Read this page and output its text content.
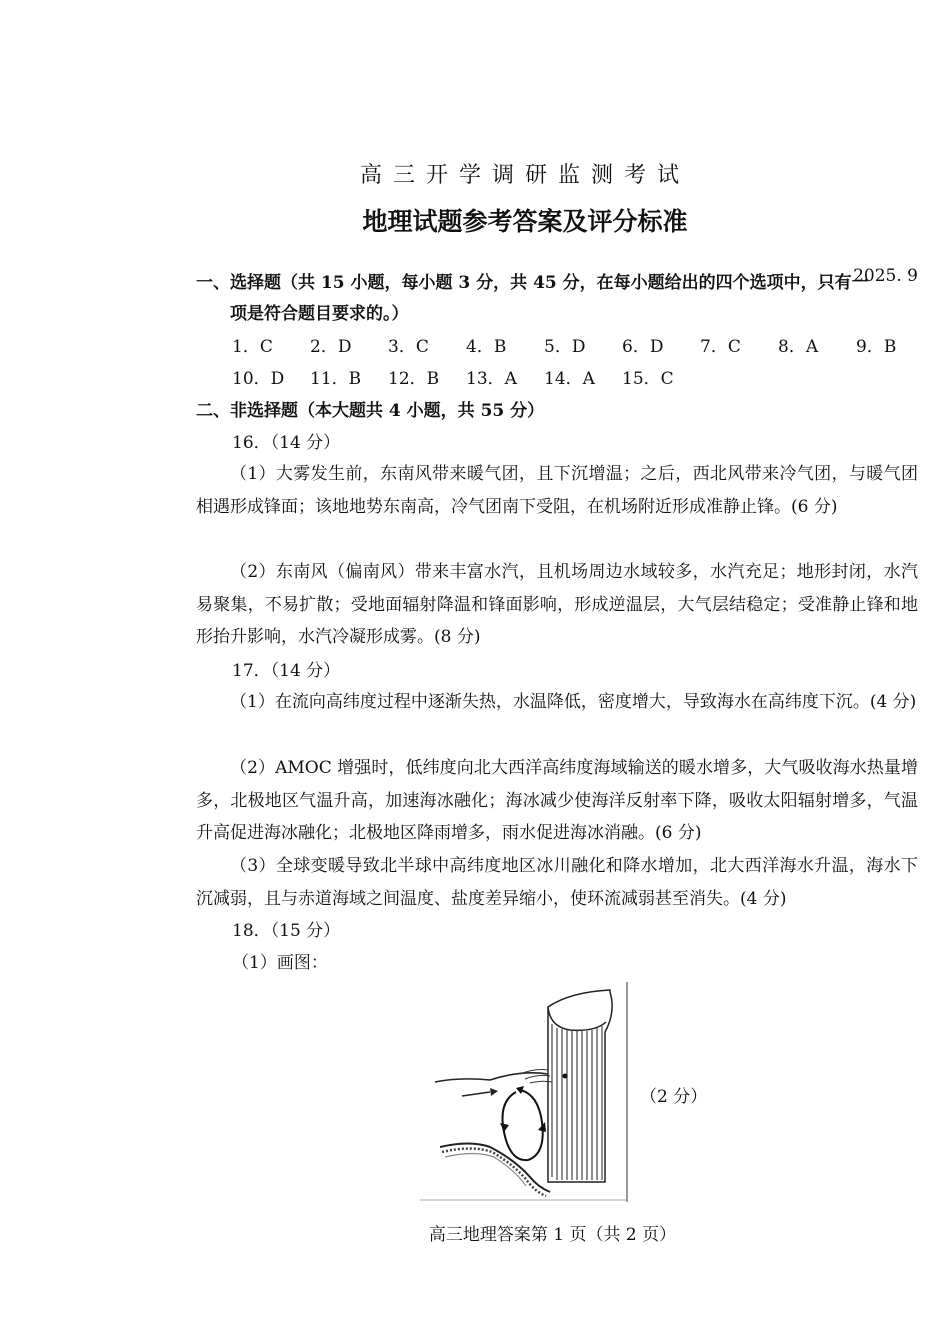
高三开学调研监测考试
地理试题参考答案及评分标准
2025. 9
一、选择题（共 15 小题，每小题 3 分，共 45 分，在每小题给出的四个选项中，只有一
项是符合题目要求的。）
1．C 2．D 3．C 4．B 5．D 6．D 7．C 8．A 9．B
10．D 11．B 12．B 13．A 14．A 15．C
二、非选择题（本大题共 4 小题，共 55 分）
16．（14 分）
（1）大雾发生前，东南风带来暖气团，且下沉增温；之后，西北风带来冷气团，与暖气团相遇形成锋面；该地地势东南高，冷气团南下受阻，在机场附近形成准静止锋。(6 分)
（2）东南风（偏南风）带来丰富水汽，且机场周边水域较多，水汽充足；地形封闭，水汽易聚集，不易扩散；受地面辐射降温和锋面影响，形成逆温层，大气层结稳定；受准静止锋和地形抬升影响，水汽冷凝形成雾。(8 分)
17．（14 分）
（1）在流向高纬度过程中逐渐失热，水温降低，密度增大，导致海水在高纬度下沉。(4 分)
（2）AMOC 增强时，低纬度向北大西洋高纬度海域输送的暖水增多，大气吸收海水热量增多，北极地区气温升高，加速海冰融化；海冰减少使海洋反射率下降，吸收太阳辐射增多，气温升高促进海冰融化；北极地区降雨增多，雨水促进海冰消融。(6 分)
（3）全球变暖导致北半球中高纬度地区冰川融化和降水增加，北大西洋海水升温，海水下沉减弱，且与赤道海域之间温度、盐度差异缩小，使环流减弱甚至消失。(4 分)
18．（15 分）
（1）画图：
（2 分）
高三地理答案第 1 页（共 2 页）
